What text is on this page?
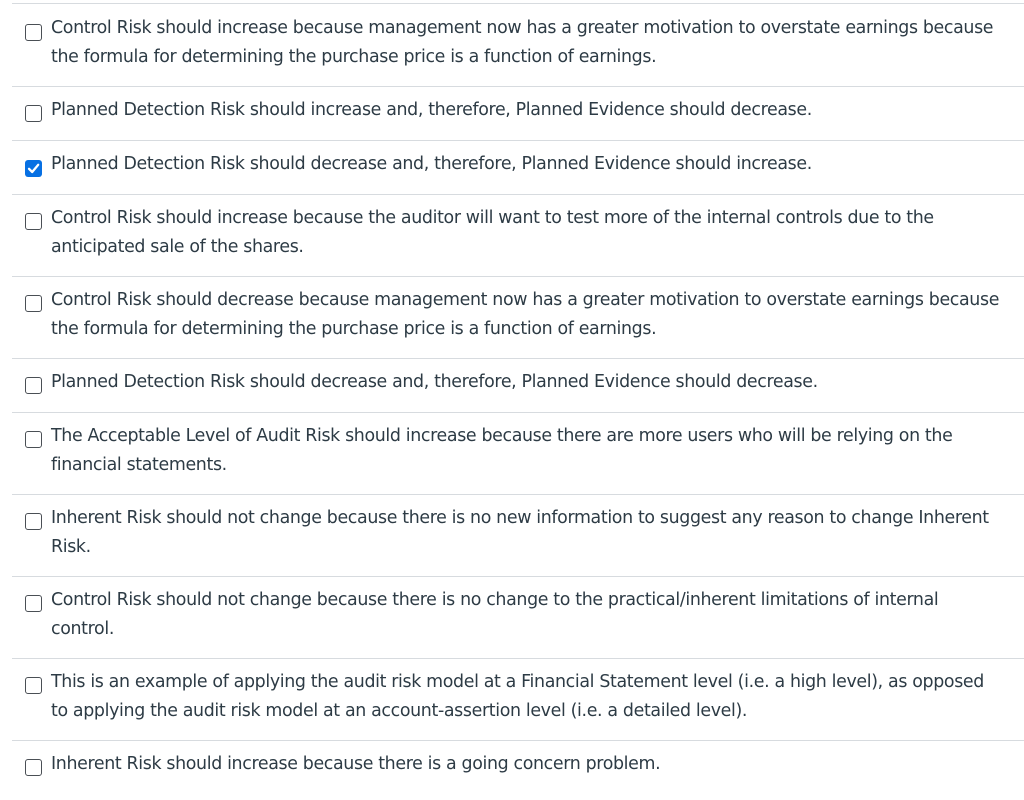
Control Risk should increase because management now has a greater motivation to overstate earnings because the formula for determining the purchase price is a function of earnings.
Planned Detection Risk should increase and, therefore, Planned Evidence should decrease.
Planned Detection Risk should decrease and, therefore, Planned Evidence should increase.
Control Risk should increase because the auditor will want to test more of the internal controls due to the anticipated sale of the shares.
Control Risk should decrease because management now has a greater motivation to overstate earnings because the formula for determining the purchase price is a function of earnings.
Planned Detection Risk should decrease and, therefore, Planned Evidence should decrease.
The Acceptable Level of Audit Risk should increase because there are more users who will be relying on the financial statements.
Inherent Risk should not change because there is no new information to suggest any reason to change Inherent Risk.
Control Risk should not change because there is no change to the practical/inherent limitations of internal control.
This is an example of applying the audit risk model at a Financial Statement level (i.e. a high level), as opposed to applying the audit risk model at an account-assertion level (i.e. a detailed level).
Inherent Risk should increase because there is a going concern problem.
